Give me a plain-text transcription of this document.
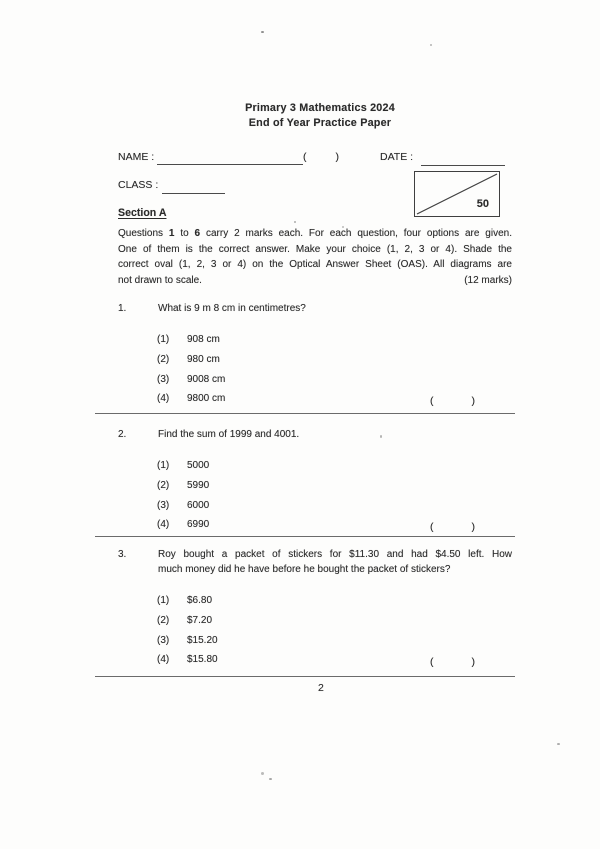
Primary 3 Mathematics 2024
End of Year Practice Paper
NAME :	(	)	DATE :
CLASS :
50
Section A
Questions 1 to 6 carry 2 marks each. For each question, four options are given.
One of them is the correct answer. Make your choice (1, 2, 3 or 4). Shade the
correct oval (1, 2, 3 or 4) on the Optical Answer Sheet (OAS). All diagrams are
not drawn to scale.	(12 marks)
1.	What is 9 m 8 cm in centimetres?
(1)	908 cm
(2)	980 cm
(3)	9008 cm
(4)	9800 cm	(	)
2.	Find the sum of 1999 and 4001.
(1)	5000
(2)	5990
(3)	6000
(4)	6990	(	)
3.	Roy bought a packet of stickers for $11.30 and had $4.50 left. How
much money did he have before he bought the packet of stickers?
(1)	$6.80
(2)	$7.20
(3)	$15.20
(4)	$15.80	(	)
2
